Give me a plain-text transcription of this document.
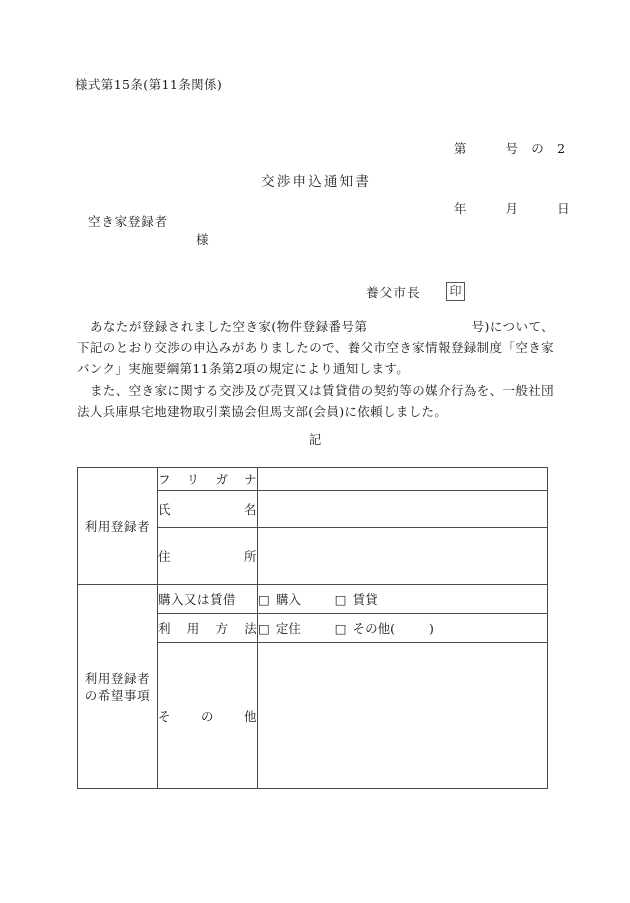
様式第15条(第11条関係)

第　　　号　の　2

年　　　月　　　日

交渉申込通知書
空き家登録者
様
養父市長 印

あなたが登録されました空き家(物件登録番号第	号)について、下記のとおり交渉の申込みがありましたので、養父市空き家情報登録制度「空き家バンク」実施要綱第11条第2項の規定により通知します。

また、空き家に関する交渉及び売買又は賃貸借の契約等の媒介行為を、一般社団法人兵庫県宅地建物取引業協会但馬支部(会員)に依頼しました。

記
利用登録者	フ リ ガ ナ	

	氏 名	

	住 所	

利用登録者
の希望事項	購入又は賃借	□ 購入 □ 賃貸

	利 用 方 法	□ 定住 □ その他( )

	そ の 他	
